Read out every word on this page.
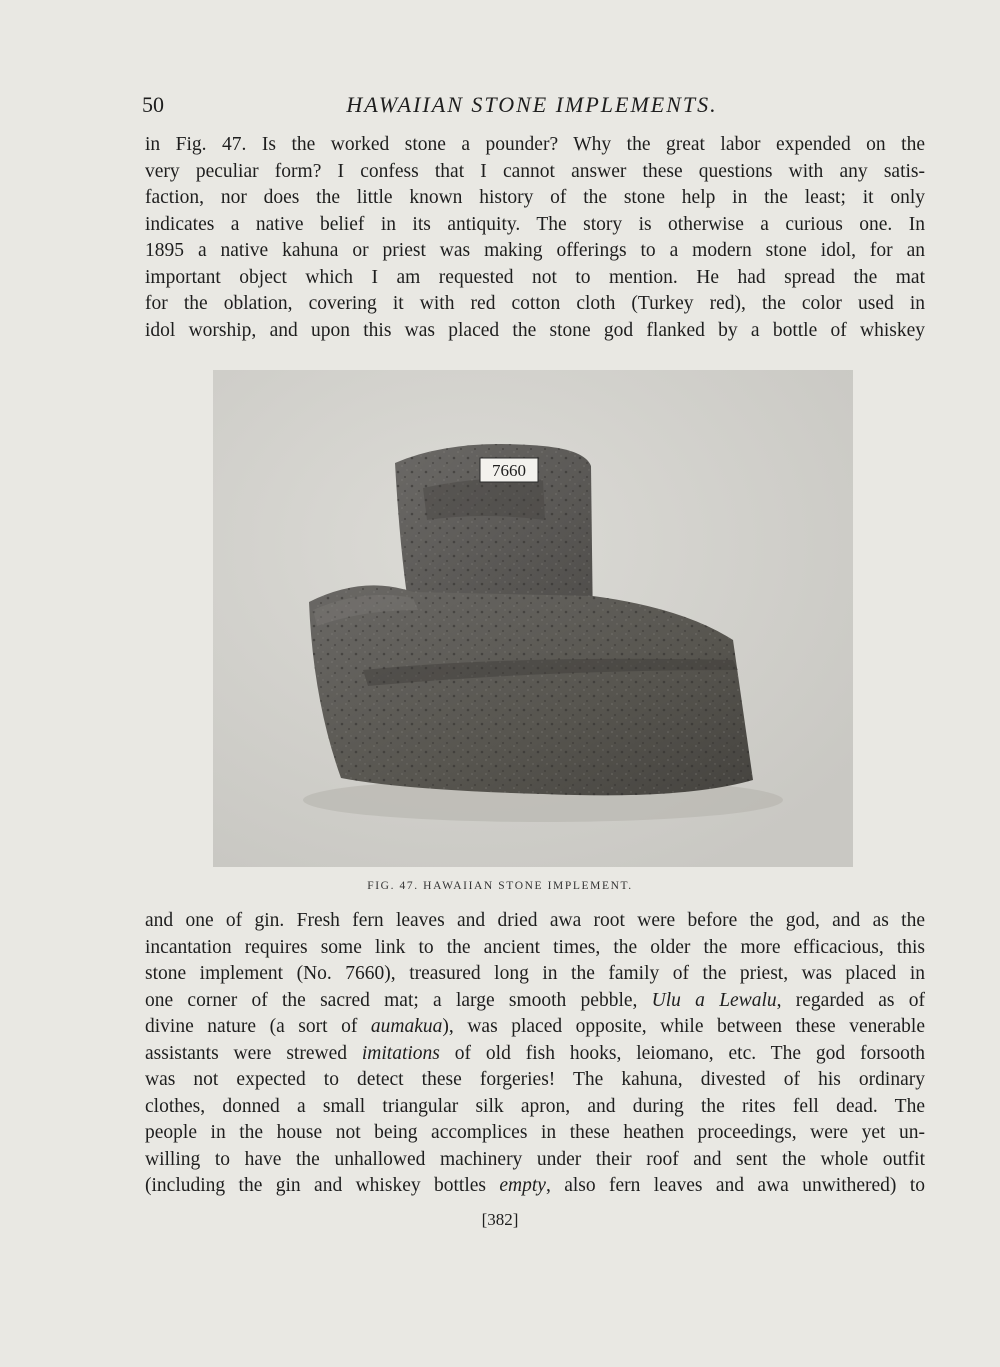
50	HAWAIIAN STONE IMPLEMENTS.
in Fig. 47. Is the worked stone a pounder? Why the great labor expended on the
very peculiar form? I confess that I cannot answer these questions with any satis-
faction, nor does the little known history of the stone help in the least; it only
indicates a native belief in its antiquity. The story is otherwise a curious one. In
1895 a native kahuna or priest was making offerings to a modern stone idol, for an
important object which I am requested not to mention. He had spread the mat
for the oblation, covering it with red cotton cloth (Turkey red), the color used in
idol worship, and upon this was placed the stone god flanked by a bottle of whiskey
7660
FIG. 47. HAWAIIAN STONE IMPLEMENT.
and one of gin. Fresh fern leaves and dried awa root were before the god, and as the
incantation requires some link to the ancient times, the older the more efficacious, this
stone implement (No. 7660), treasured long in the family of the priest, was placed in
one corner of the sacred mat; a large smooth pebble, Ulu a Lewalu, regarded as of
divine nature (a sort of aumakua), was placed opposite, while between these venerable
assistants were strewed imitations of old fish hooks, leiomano, etc. The god forsooth
was not expected to detect these forgeries! The kahuna, divested of his ordinary
clothes, donned a small triangular silk apron, and during the rites fell dead. The
people in the house not being accomplices in these heathen proceedings, were yet un-
willing to have the unhallowed machinery under their roof and sent the whole outfit
(including the gin and whiskey bottles empty, also fern leaves and awa unwithered) to
[382]
